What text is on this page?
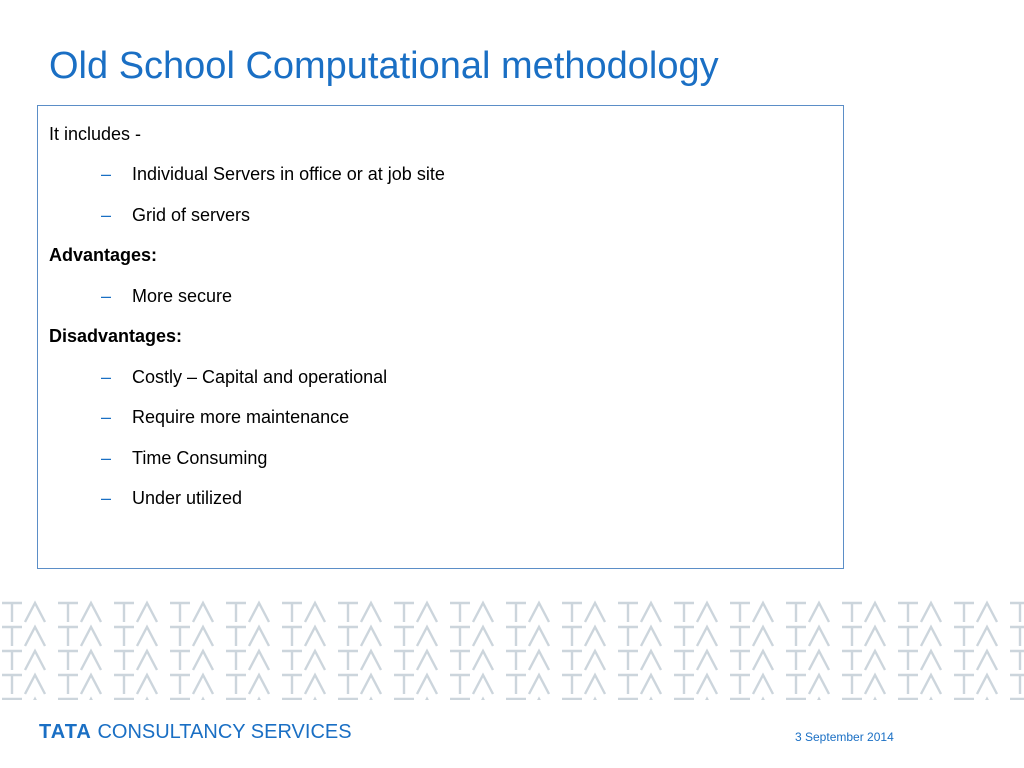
Old School Computational methodology
It includes -
– Individual Servers in office or at job site
– Grid of servers
Advantages:
– More secure
Disadvantages:
– Costly – Capital and operational
– Require more maintenance
– Time Consuming
– Under utilized
TATA CONSULTANCY SERVICES	3 September 2014
